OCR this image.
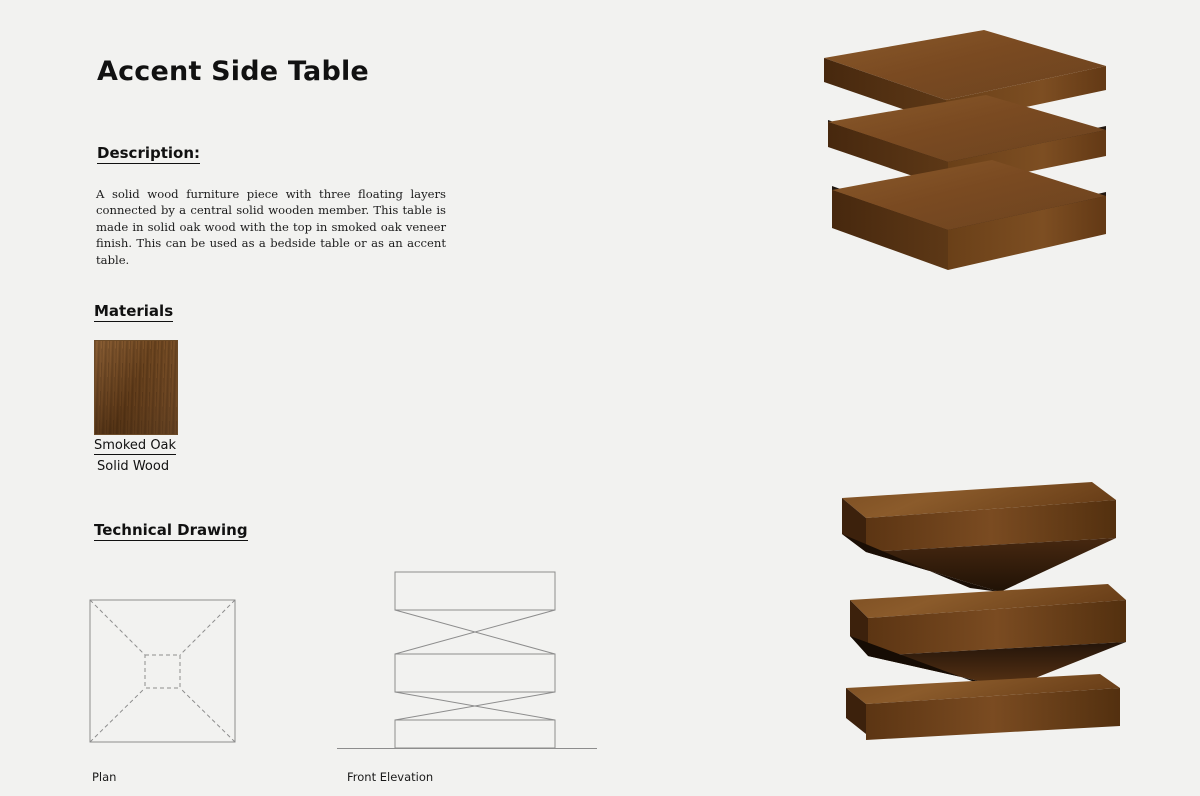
Accent Side Table
Description:
A solid wood furniture piece with three floating layers connected by a central solid wooden member. This table is made in solid oak wood with the top in smoked oak veneer finish. This can be used as a bedside table or as an accent table.
Materials
Smoked Oak
Solid Wood
Technical Drawing
Plan	Front Elevation
